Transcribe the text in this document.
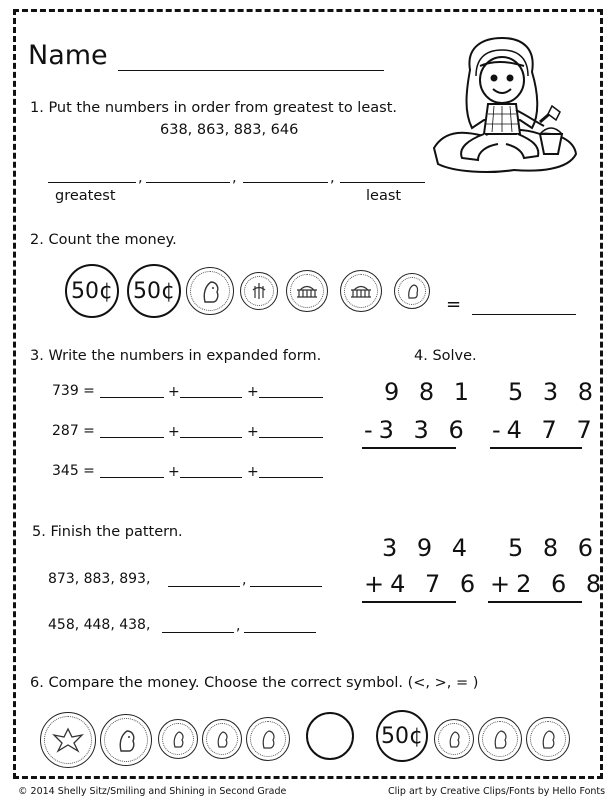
Name
1. Put the numbers in order from greatest to least.
638, 863, 883, 646
,	,	,
greatest	least
2. Count the money.
50¢ 50¢
=
3. Write the numbers in expanded form.
739 =	+	+
287 =	+	+
345 =	+	+
4. Solve.
9 8 1
-3 3 6
5 3 8
-4 7 7
3 9 4
+4 7 6
5 8 6
+2 6 8
5. Finish the pattern.
873, 883, 893,	,
458, 448, 438,	,
6. Compare the money. Choose the correct symbol. (<, >, = )
50¢
© 2014 Shelly Sitz/Smiling and Shining in Second Grade	Clip art by Creative Clips/Fonts by Hello Fonts
